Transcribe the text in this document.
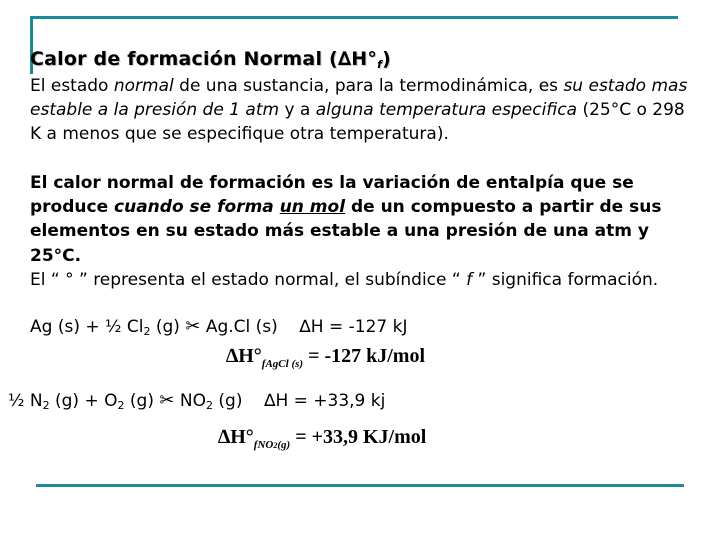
Calor de formación Normal $(\Delta H^\circ_f)$
El estado normal de una sustancia, para la termodinámica, es su estado mas estable a la presión de 1 atm y a alguna temperatura especifica (25°C o 298 K a menos que se especifique otra temperatura).
El calor normal de formación es la variación de entalpía que se produce cuando se forma un mol de un compuesto a partir de sus elementos en su estado más estable a una presión de una atm y 25°C.
El “ ° ” representa el estado normal, el subíndice “ f ” significa formación.
Ag (s) + ½ $Cl_2$ (g) ✂ Ag.Cl (s)    ∆H = -127 kJ
$\Delta H^\circ_{fAgCl (s)} = -127$ kJ/mol
½ $N_2$ $(g) + O_2$ (g) ✂ $NO_2$ (g)    ∆H = +33,9 kj
$\Delta H^\circ_{fNO2(g)} = +33,9$ KJ/mol
